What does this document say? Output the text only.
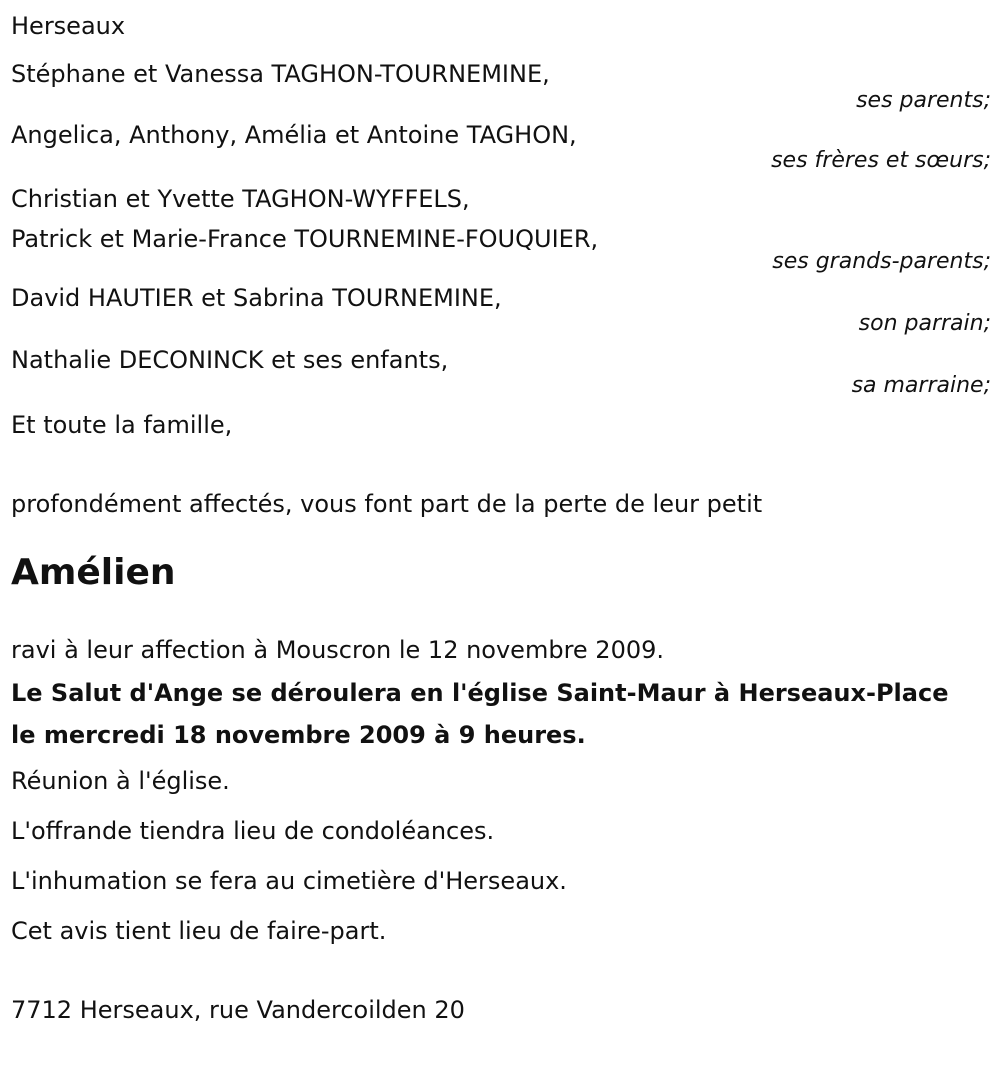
Herseaux
Stéphane et Vanessa TAGHON-TOURNEMINE,
ses parents;
Angelica, Anthony, Amélia et Antoine TAGHON,
ses frères et sœurs;
Christian et Yvette TAGHON-WYFFELS,
Patrick et Marie-France TOURNEMINE-FOUQUIER,
ses grands-parents;
David HAUTIER et Sabrina TOURNEMINE,
son parrain;
Nathalie DECONINCK et ses enfants,
sa marraine;
Et toute la famille,
profondément affectés, vous font part de la perte de leur petit
Amélien
ravi à leur affection à Mouscron le 12 novembre 2009.
Le Salut d'Ange se déroulera en l'église Saint-Maur à Herseaux-Place
le mercredi 18 novembre 2009 à 9 heures.
Réunion à l'église.
L'offrande tiendra lieu de condoléances.
L'inhumation se fera au cimetière d'Herseaux.
Cet avis tient lieu de faire-part.
7712 Herseaux, rue Vandercoilden 20
